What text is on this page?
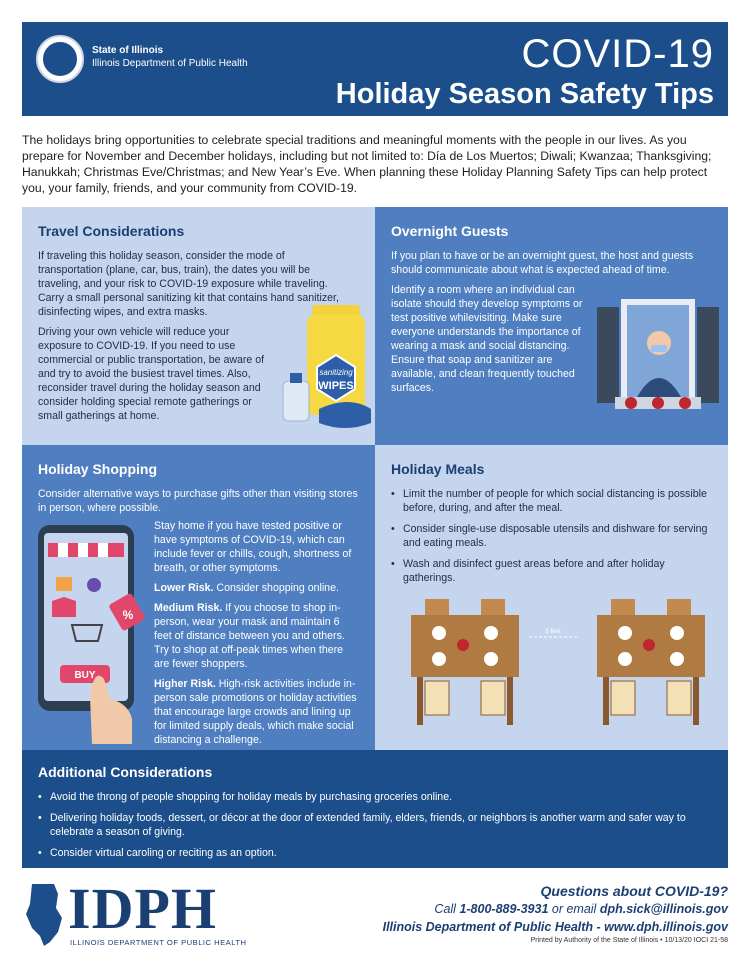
State of Illinois
Illinois Department of Public Health	COVID-19
Holiday Season Safety Tips
The holidays bring opportunities to celebrate special traditions and meaningful moments with the people in our lives. As you prepare for November and December holidays, including but not limited to: Día de Los Muertos; Diwali; Kwanzaa; Thanksgiving; Hanukkah; Christmas Eve/Christmas; and New Year’s Eve. When planning these Holiday Planning Safety Tips can help protect you, your family, friends, and your community from COVID-19.
Travel Considerations
If traveling this holiday season, consider the mode of transportation (plane, car, bus, train), the dates you will be traveling, and your risk to COVID-19 exposure while traveling. Carry a small personal sanitizing kit that contains hand sanitizer, disinfecting wipes, and extra masks.
Driving your own vehicle will reduce your exposure to COVID-19. If you need to use commercial or public transportation, be aware of and try to avoid the busiest travel times. Also, reconsider travel during the holiday season and consider holding special remote gatherings or small gatherings at home.
sanitizing
WIPES
Overnight Guests
If you plan to have or be an overnight guest, the host and guests should communicate about what is expected ahead of time.
Identify a room where an individual can isolate should they develop symptoms or test positive whilevisiting. Make sure everyone understands the importance of wearing a mask and social distancing. Ensure that soap and sanitizer are available, and clean frequently touched surfaces.
Holiday Shopping
Consider alternative ways to purchase gifts other than visiting stores in person, where possible.
Stay home if you have tested positive or have symptoms of COVID-19, which can include fever or chills, cough, shortness of breath, or other symptoms.
Lower Risk. Consider shopping online.
Medium Risk. If you choose to shop in-person, wear your mask and maintain 6 feet of distance between you and others. Try to shop at off-peak times when there are fewer shoppers.
Higher Risk. High-risk activities include in-person sale promotions or holiday activities that encourage large crowds and lining up for limited supply deals, which make social distancing a challenge.
%
BUY
Holiday Meals
• Limit the number of people for which social distancing is possible before, during, and after the meal.
• Consider single-use disposable utensils and dishware for serving and eating meals.
• Wash and disinfect guest areas before and after holiday gatherings.
6 feet
Additional Considerations
• Avoid the throng of people shopping for holiday meals by purchasing groceries online.
• Delivering holiday foods, dessert, or décor at the door of extended family, elders, friends, or neighbors is another warm and safer way to celebrate a season of giving.
• Consider virtual caroling or reciting as an option.
IDPH
ILLINOIS DEPARTMENT OF PUBLIC HEALTH
Questions about COVID-19?
Call 1-800-889-3931 or email dph.sick@illinois.gov
Illinois Department of Public Health - www.dph.illinois.gov
Printed by Authority of the State of Illinois • 10/13/20 IOCI 21-58
